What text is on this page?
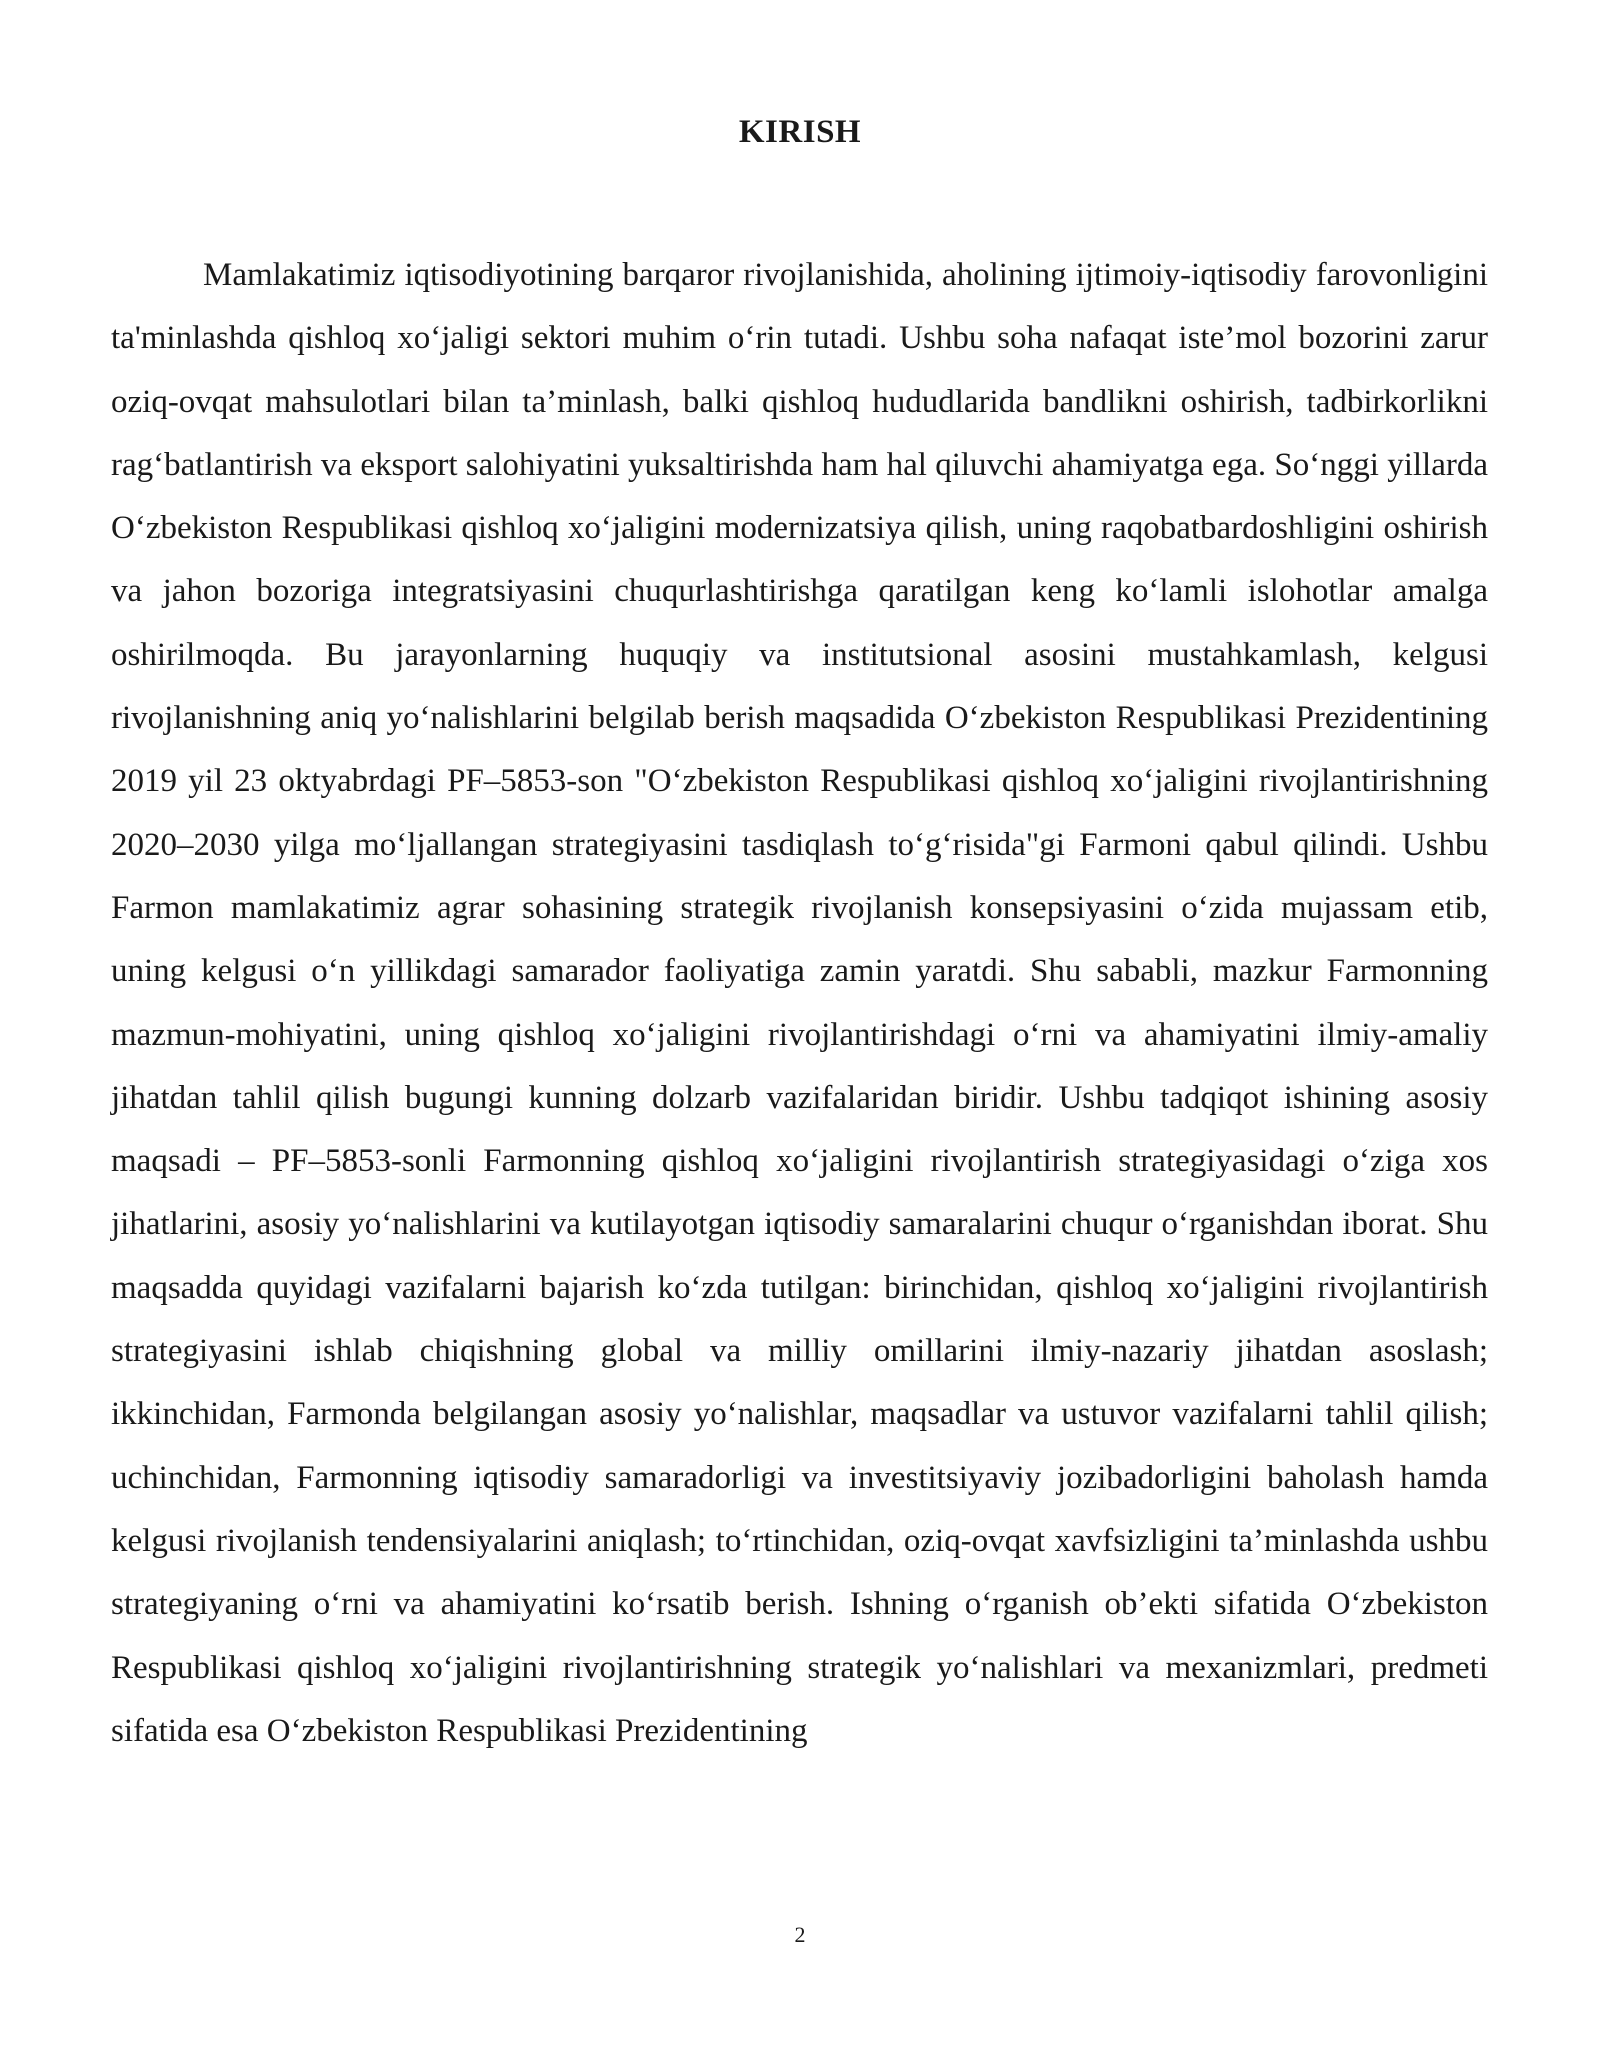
KIRISH

Mamlakatimiz iqtisodiyotining barqaror rivojlanishida, aholining ijtimoiy-iqtisodiy farovonligini ta'minlashda qishloq xo‘jaligi sektori muhim o‘rin tutadi. Ushbu soha nafaqat iste’mol bozorini zarur oziq-ovqat mahsulotlari bilan ta’minlash, balki qishloq hududlarida bandlikni oshirish, tadbirkorlikni rag‘batlantirish va eksport salohiyatini yuksaltirishda ham hal qiluvchi ahamiyatga ega. So‘nggi yillarda O‘zbekiston Respublikasi qishloq xo‘jaligini modernizatsiya qilish, uning raqobatbardoshligini oshirish va jahon bozoriga integratsiyasini chuqurlashtirishga qaratilgan keng ko‘lamli islohotlar amalga oshirilmoqda. Bu jarayonlarning huquqiy va institutsional asosini mustahkamlash, kelgusi rivojlanishning aniq yo‘nalishlarini belgilab berish maqsadida O‘zbekiston Respublikasi Prezidentining 2019 yil 23 oktyabrdagi PF–5853-son "O‘zbekiston Respublikasi qishloq xo‘jaligini rivojlantirishning 2020–2030 yilga mo‘ljallangan strategiyasini tasdiqlash to‘g‘risida"gi Farmoni qabul qilindi. Ushbu Farmon mamlakatimiz agrar sohasining strategik rivojlanish konsepsiyasini o‘zida mujassam etib, uning kelgusi o‘n yillikdagi samarador faoliyatiga zamin yaratdi. Shu sababli, mazkur Farmonning mazmun-mohiyatini, uning qishloq xo‘jaligini rivojlantirishdagi o‘rni va ahamiyatini ilmiy-amaliy jihatdan tahlil qilish bugungi kunning dolzarb vazifalaridan biridir. Ushbu tadqiqot ishining asosiy maqsadi – PF–5853-sonli Farmonning qishloq xo‘jaligini rivojlantirish strategiyasidagi o‘ziga xos jihatlarini, asosiy yo‘nalishlarini va kutilayotgan iqtisodiy samaralarini chuqur o‘rganishdan iborat. Shu maqsadda quyidagi vazifalarni bajarish ko‘zda tutilgan: birinchidan, qishloq xo‘jaligini rivojlantirish strategiyasini ishlab chiqishning global va milliy omillarini ilmiy-nazariy jihatdan asoslash; ikkinchidan, Farmonda belgilangan asosiy yo‘nalishlar, maqsadlar va ustuvor vazifalarni tahlil qilish; uchinchidan, Farmonning iqtisodiy samaradorligi va investitsiyaviy jozibadorligini baholash hamda kelgusi rivojlanish tendensiyalarini aniqlash; to‘rtinchidan, oziq-ovqat xavfsizligini ta’minlashda ushbu strategiyaning o‘rni va ahamiyatini ko‘rsatib berish. Ishning o‘rganish ob’ekti sifatida O‘zbekiston Respublikasi qishloq xo‘jaligini rivojlantirishning strategik yo‘nalishlari va mexanizmlari, predmeti sifatida esa O‘zbekiston Respublikasi Prezidentining

2
